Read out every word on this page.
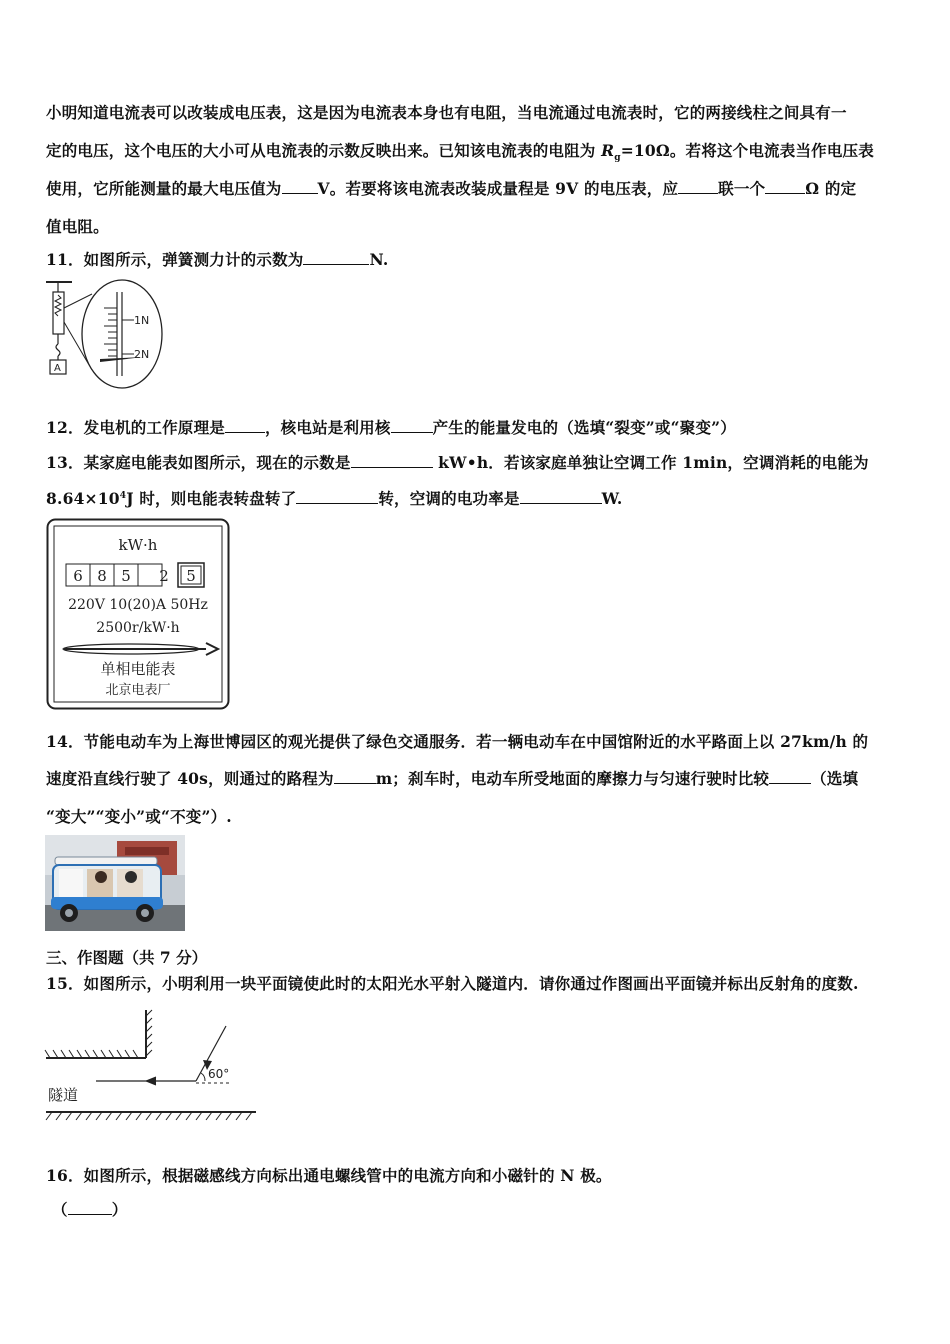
小明知道电流表可以改装成电压表，这是因为电流表本身也有电阻，当电流通过电流表时，它的两接线柱之间具有一
定的电压，这个电压的大小可从电流表的示数反映出来。已知该电流表的电阻为 $R_g=10\Omega$。若将这个电流表当作电压表
使用，它所能测量的最大电压值为 V。若要将该电流表改装成量程是 9V 的电压表，应	联一个	Ω 的定
值电阻。
11．如图所示，弹簧测力计的示数为	N.
A
1N
2N
12．发电机的工作原理是	，核电站是利用核	产生的能量发电的（选填“裂变”或“聚变”）
13．某家庭电能表如图所示，现在的示数是	kW•h．若该家庭单独让空调工作 1min，空调消耗的电能为
$8.64\times 10^4J$ 时，则电能表转盘转了	转，空调的电功率是	W.
kW·h
6 8 5 2 5
220V 10(20)A 50Hz
2500r/kW·h
单相电能表
北京电表厂
14．节能电动车为上海世博园区的观光提供了绿色交通服务．若一辆电动车在中国馆附近的水平路面上以 27km/h 的
速度沿直线行驶了 40s，则通过的路程为	m；刹车时，电动车所受地面的摩擦力与匀速行驶时比较	（选填
“变大”“变小”或“不变”）.
三、作图题（共 7 分）
15．如图所示，小明利用一块平面镜使此时的太阳光水平射入隧道内．请你通过作图画出平面镜并标出反射角的度数.
60°
隧道
16．如图所示，根据磁感线方向标出通电螺线管中的电流方向和小磁针的 N 极。
（	）
